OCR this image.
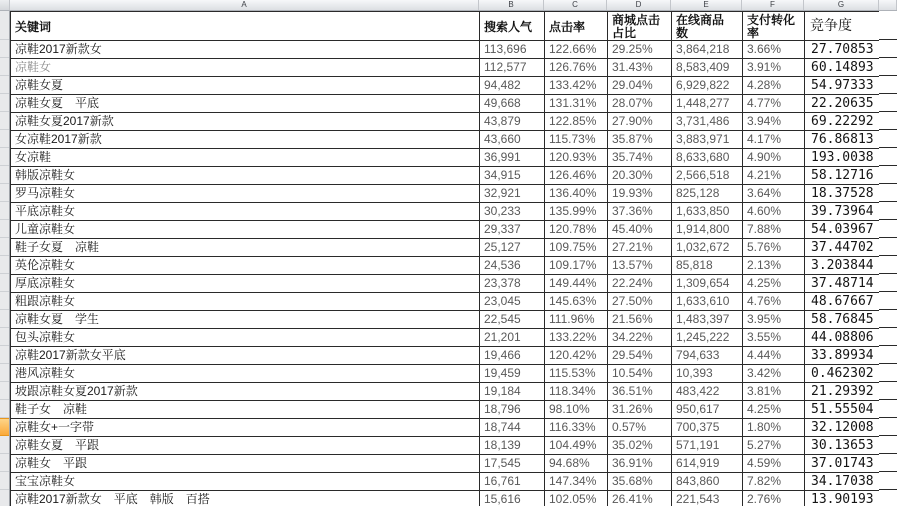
A	B	C	D	E	F	G
关键词	搜索人气	点击率	商城点击占比	在线商品数	支付转化率	竞争度
凉鞋2017新款女	113,696	122.66%	29.25%	3,864,218	3.66%	27.70853
凉鞋女	112,577	126.76%	31.43%	8,583,409	3.91%	60.14893
凉鞋女夏	94,482	133.42%	29.04%	6,929,822	4.28%	54.97333
凉鞋女夏　平底	49,668	131.31%	28.07%	1,448,277	4.77%	22.20635
凉鞋女夏2017新款	43,879	122.85%	27.90%	3,731,486	3.94%	69.22292
女凉鞋2017新款	43,660	115.73%	35.87%	3,883,971	4.17%	76.86813
女凉鞋	36,991	120.93%	35.74%	8,633,680	4.90%	193.0038
韩版凉鞋女	34,915	126.46%	20.30%	2,566,518	4.21%	58.12716
罗马凉鞋女	32,921	136.40%	19.93%	825,128	3.64%	18.37528
平底凉鞋女	30,233	135.99%	37.36%	1,633,850	4.60%	39.73964
儿童凉鞋女	29,337	120.78%	45.40%	1,914,800	7.88%	54.03967
鞋子女夏　凉鞋	25,127	109.75%	27.21%	1,032,672	5.76%	37.44702
英伦凉鞋女	24,536	109.17%	13.57%	85,818	2.13%	3.203844
厚底凉鞋女	23,378	149.44%	22.24%	1,309,654	4.25%	37.48714
粗跟凉鞋女	23,045	145.63%	27.50%	1,633,610	4.76%	48.67667
凉鞋女夏　学生	22,545	111.96%	21.56%	1,483,397	3.95%	58.76845
包头凉鞋女	21,201	133.22%	34.22%	1,245,222	3.55%	44.08806
凉鞋2017新款女平底	19,466	120.42%	29.54%	794,633	4.44%	33.89934
港风凉鞋女	19,459	115.53%	10.54%	10,393	3.42%	0.462302
坡跟凉鞋女夏2017新款	19,184	118.34%	36.51%	483,422	3.81%	21.29392
鞋子女　凉鞋	18,796	98.10%	31.26%	950,617	4.25%	51.55504
凉鞋女+一字带	18,744	116.33%	0.57%	700,375	1.80%	32.12008
凉鞋女夏　平跟	18,139	104.49%	35.02%	571,191	5.27%	30.13653
凉鞋女　平跟	17,545	94.68%	36.91%	614,919	4.59%	37.01743
宝宝凉鞋女	16,761	147.34%	35.68%	843,860	7.82%	34.17038
凉鞋2017新款女　平底　韩版　百搭	15,616	102.05%	26.41%	221,543	2.76%	13.90193
